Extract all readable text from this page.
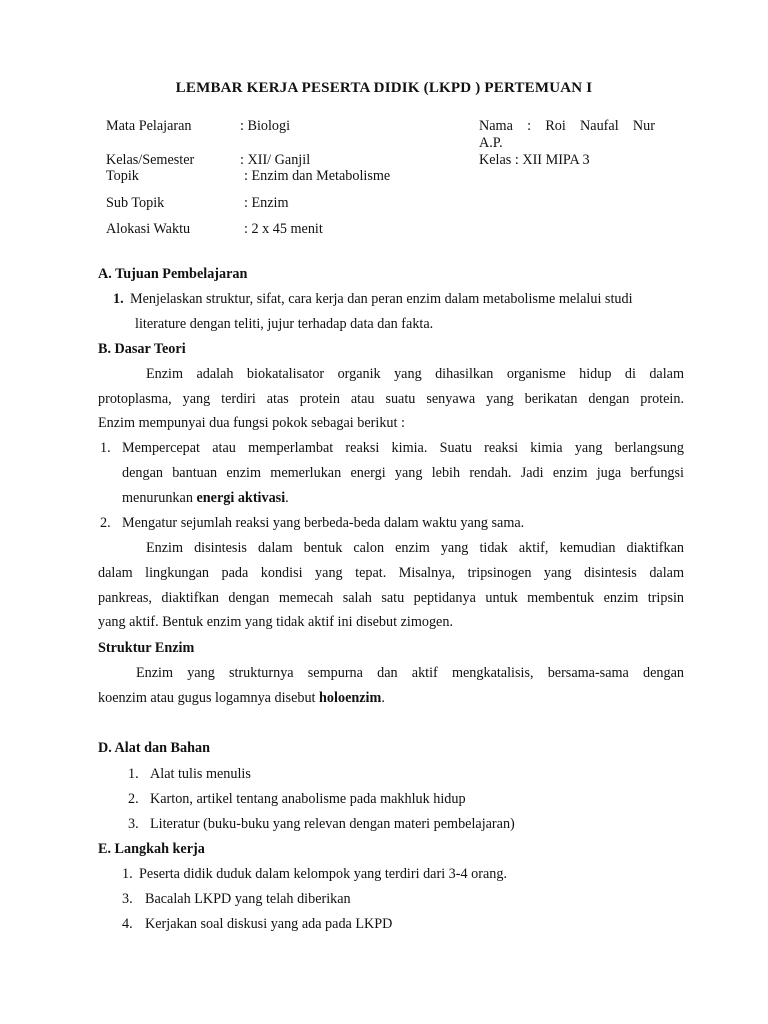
LEMBAR KERJA PESERTA DIDIK (LKPD ) PERTEMUAN I
Mata Pelajaran	: Biologi
Kelas/Semester	: XII/ Ganjil
Topik	: Enzim dan Metabolisme
Sub Topik	: Enzim
Alokasi Waktu	: 2 x 45 menit
Nama : Roi Naufal Nur
A.P.
Kelas : XII MIPA 3
A. Tujuan Pembelajaran
1. Menjelaskan struktur, sifat, cara kerja dan peran enzim dalam metabolisme melalui studi
literature dengan teliti, jujur terhadap data dan fakta.
B. Dasar Teori
Enzim adalah biokatalisator organik yang dihasilkan organisme hidup di dalam
protoplasma, yang terdiri atas protein atau suatu senyawa yang berikatan dengan protein.
Enzim mempunyai dua fungsi pokok sebagai berikut :
1. Mempercepat atau memperlambat reaksi kimia. Suatu reaksi kimia yang berlangsung
dengan bantuan enzim memerlukan energi yang lebih rendah. Jadi enzim juga berfungsi
menurunkan energi aktivasi.
2. Mengatur sejumlah reaksi yang berbeda-beda dalam waktu yang sama.
Enzim disintesis dalam bentuk calon enzim yang tidak aktif, kemudian diaktifkan
dalam lingkungan pada kondisi yang tepat. Misalnya, tripsinogen yang disintesis dalam
pankreas, diaktifkan dengan memecah salah satu peptidanya untuk membentuk enzim tripsin
yang aktif. Bentuk enzim yang tidak aktif ini disebut zimogen.
Struktur Enzim
Enzim yang strukturnya sempurna dan aktif mengkatalisis, bersama-sama dengan
koenzim atau gugus logamnya disebut holoenzim.
D. Alat dan Bahan
1. Alat tulis menulis
2. Karton, artikel tentang anabolisme pada makhluk hidup
3. Literatur (buku-buku yang relevan dengan materi pembelajaran)
E. Langkah kerja
1. Peserta didik duduk dalam kelompok yang terdiri dari 3-4 orang.
3. Bacalah LKPD yang telah diberikan
4. Kerjakan soal diskusi yang ada pada LKPD
